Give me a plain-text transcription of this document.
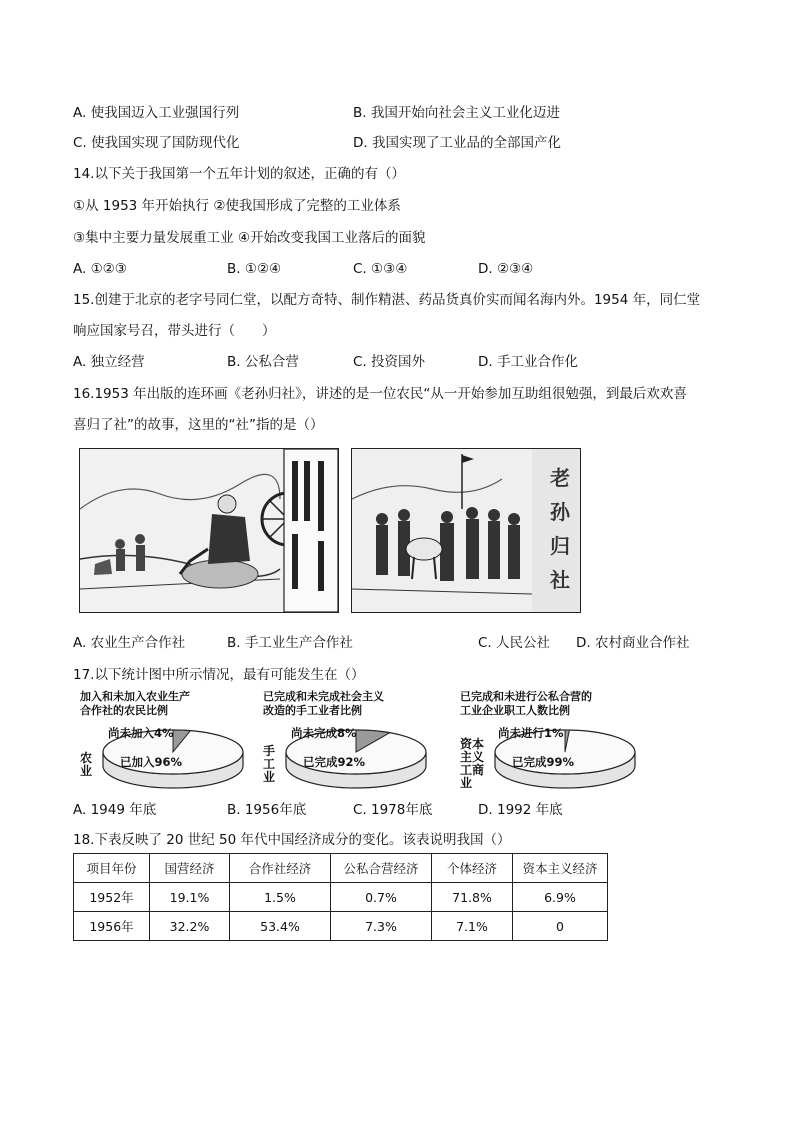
A. 使我国迈入工业强国行列	B. 我国开始向社会主义工业化迈进
C. 使我国实现了国防现代化	D. 我国实现了工业品的全部国产化
14.以下关于我国第一个五年计划的叙述，正确的有（）
①从 1953 年开始执行 ②使我国形成了完整的工业体系
③集中主要力量发展重工业 ④开始改变我国工业落后的面貌
A. ①②③	B. ①②④	C. ①③④	D. ②③④
15.创建于北京的老字号同仁堂，以配方奇特、制作精湛、药品货真价实而闻名海内外。1954 年，同仁堂
响应国家号召，带头进行（　　）
A. 独立经营	B. 公私合营	C. 投资国外	D. 手工业合作化
16.1953 年出版的连环画《老孙归社》，讲述的是一位农民“从一开始参加互助组很勉强，到最后欢欢喜
喜归了社”的故事，这里的“社”指的是（）
老孙归社
A. 农业生产合作社	B. 手工业生产合作社	C. 人民公社 D. 农村商业合作社
17.以下统计图中所示情况，最有可能发生在（）
加入和未加入农业生产
合作社的农民比例
农业
尚未加入4%
已加入96%
已完成和未完成社会主义
改造的手工业者比例
手工业
尚未完成8%
已完成92%
已完成和未进行公私合营的
工业企业职工人数比例
资本主义工商业
尚未进行1%
已完成99%
A. 1949 年底	B. 1956年底	C. 1978年底	D. 1992 年底
18.下表反映了 20 世纪 50 年代中国经济成分的变化。该表说明我国（）
项目年份	国营经济	合作社经济	公私合营经济	个体经济	资本主义经济
1952年	19.1%	1.5%	0.7%	71.8%	6.9%
1956年	32.2%	53.4%	7.3%	7.1%	0
